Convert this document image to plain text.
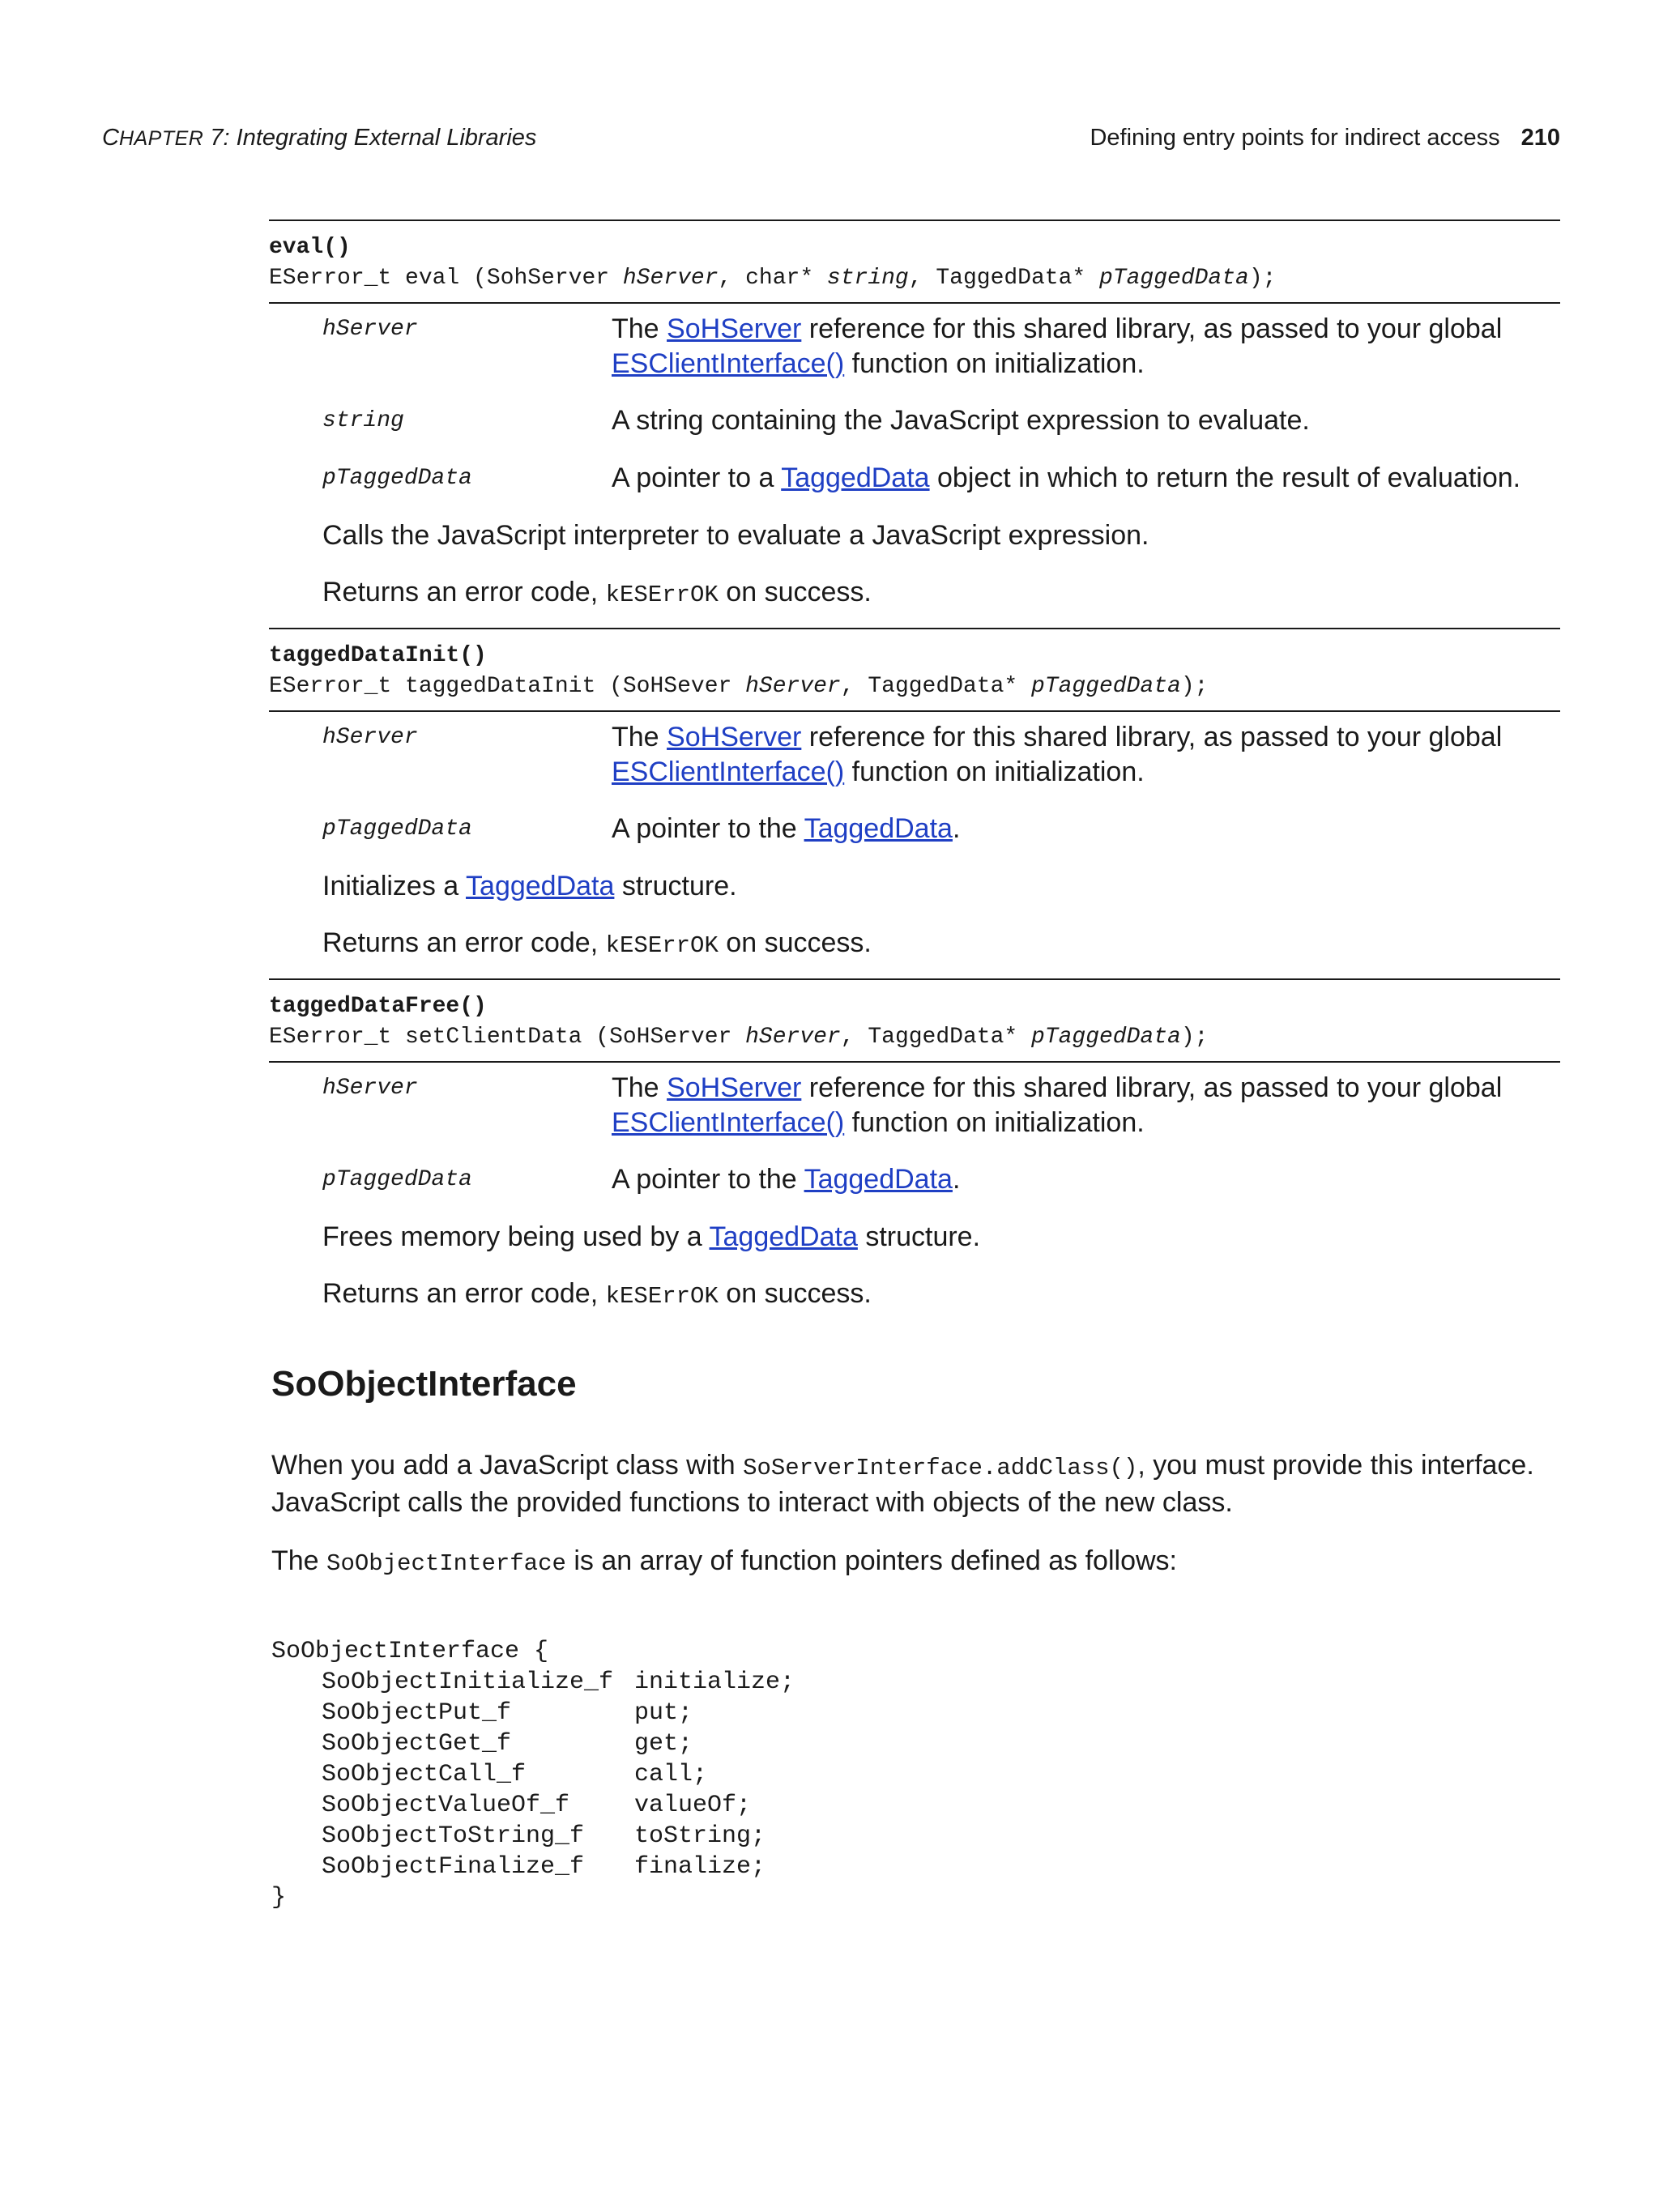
CHAPTER 7: Integrating External Libraries	Defining entry points for indirect access 210
eval()
ESerror_t eval (SohServer hServer, char* string, TaggedData* pTaggedData);
hServer	The SoHServer reference for this shared library, as passed to your global ESClientInterface() function on initialization.
string	A string containing the JavaScript expression to evaluate.
pTaggedData	A pointer to a TaggedData object in which to return the result of evaluation.
Calls the JavaScript interpreter to evaluate a JavaScript expression.
Returns an error code, kESErrOK on success.
taggedDataInit()
ESerror_t taggedDataInit (SoHSever hServer, TaggedData* pTaggedData);
hServer	The SoHServer reference for this shared library, as passed to your global ESClientInterface() function on initialization.
pTaggedData	A pointer to the TaggedData.
Initializes a TaggedData structure.
Returns an error code, kESErrOK on success.
taggedDataFree()
ESerror_t setClientData (SoHServer hServer, TaggedData* pTaggedData);
hServer	The SoHServer reference for this shared library, as passed to your global ESClientInterface() function on initialization.
pTaggedData	A pointer to the TaggedData.
Frees memory being used by a TaggedData structure.
Returns an error code, kESErrOK on success.
SoObjectInterface
When you add a JavaScript class with SoServerInterface.addClass(), you must provide this interface. JavaScript calls the provided functions to interact with objects of the new class.
The SoObjectInterface is an array of function pointers defined as follows:

SoObjectInterface {
SoObjectInitialize_f initialize;
SoObjectPut_f	put;
SoObjectGet_f	get;
SoObjectCall_f	call;
SoObjectValueOf_f	valueOf;
SoObjectToString_f toString;
SoObjectFinalize_f finalize;
}
